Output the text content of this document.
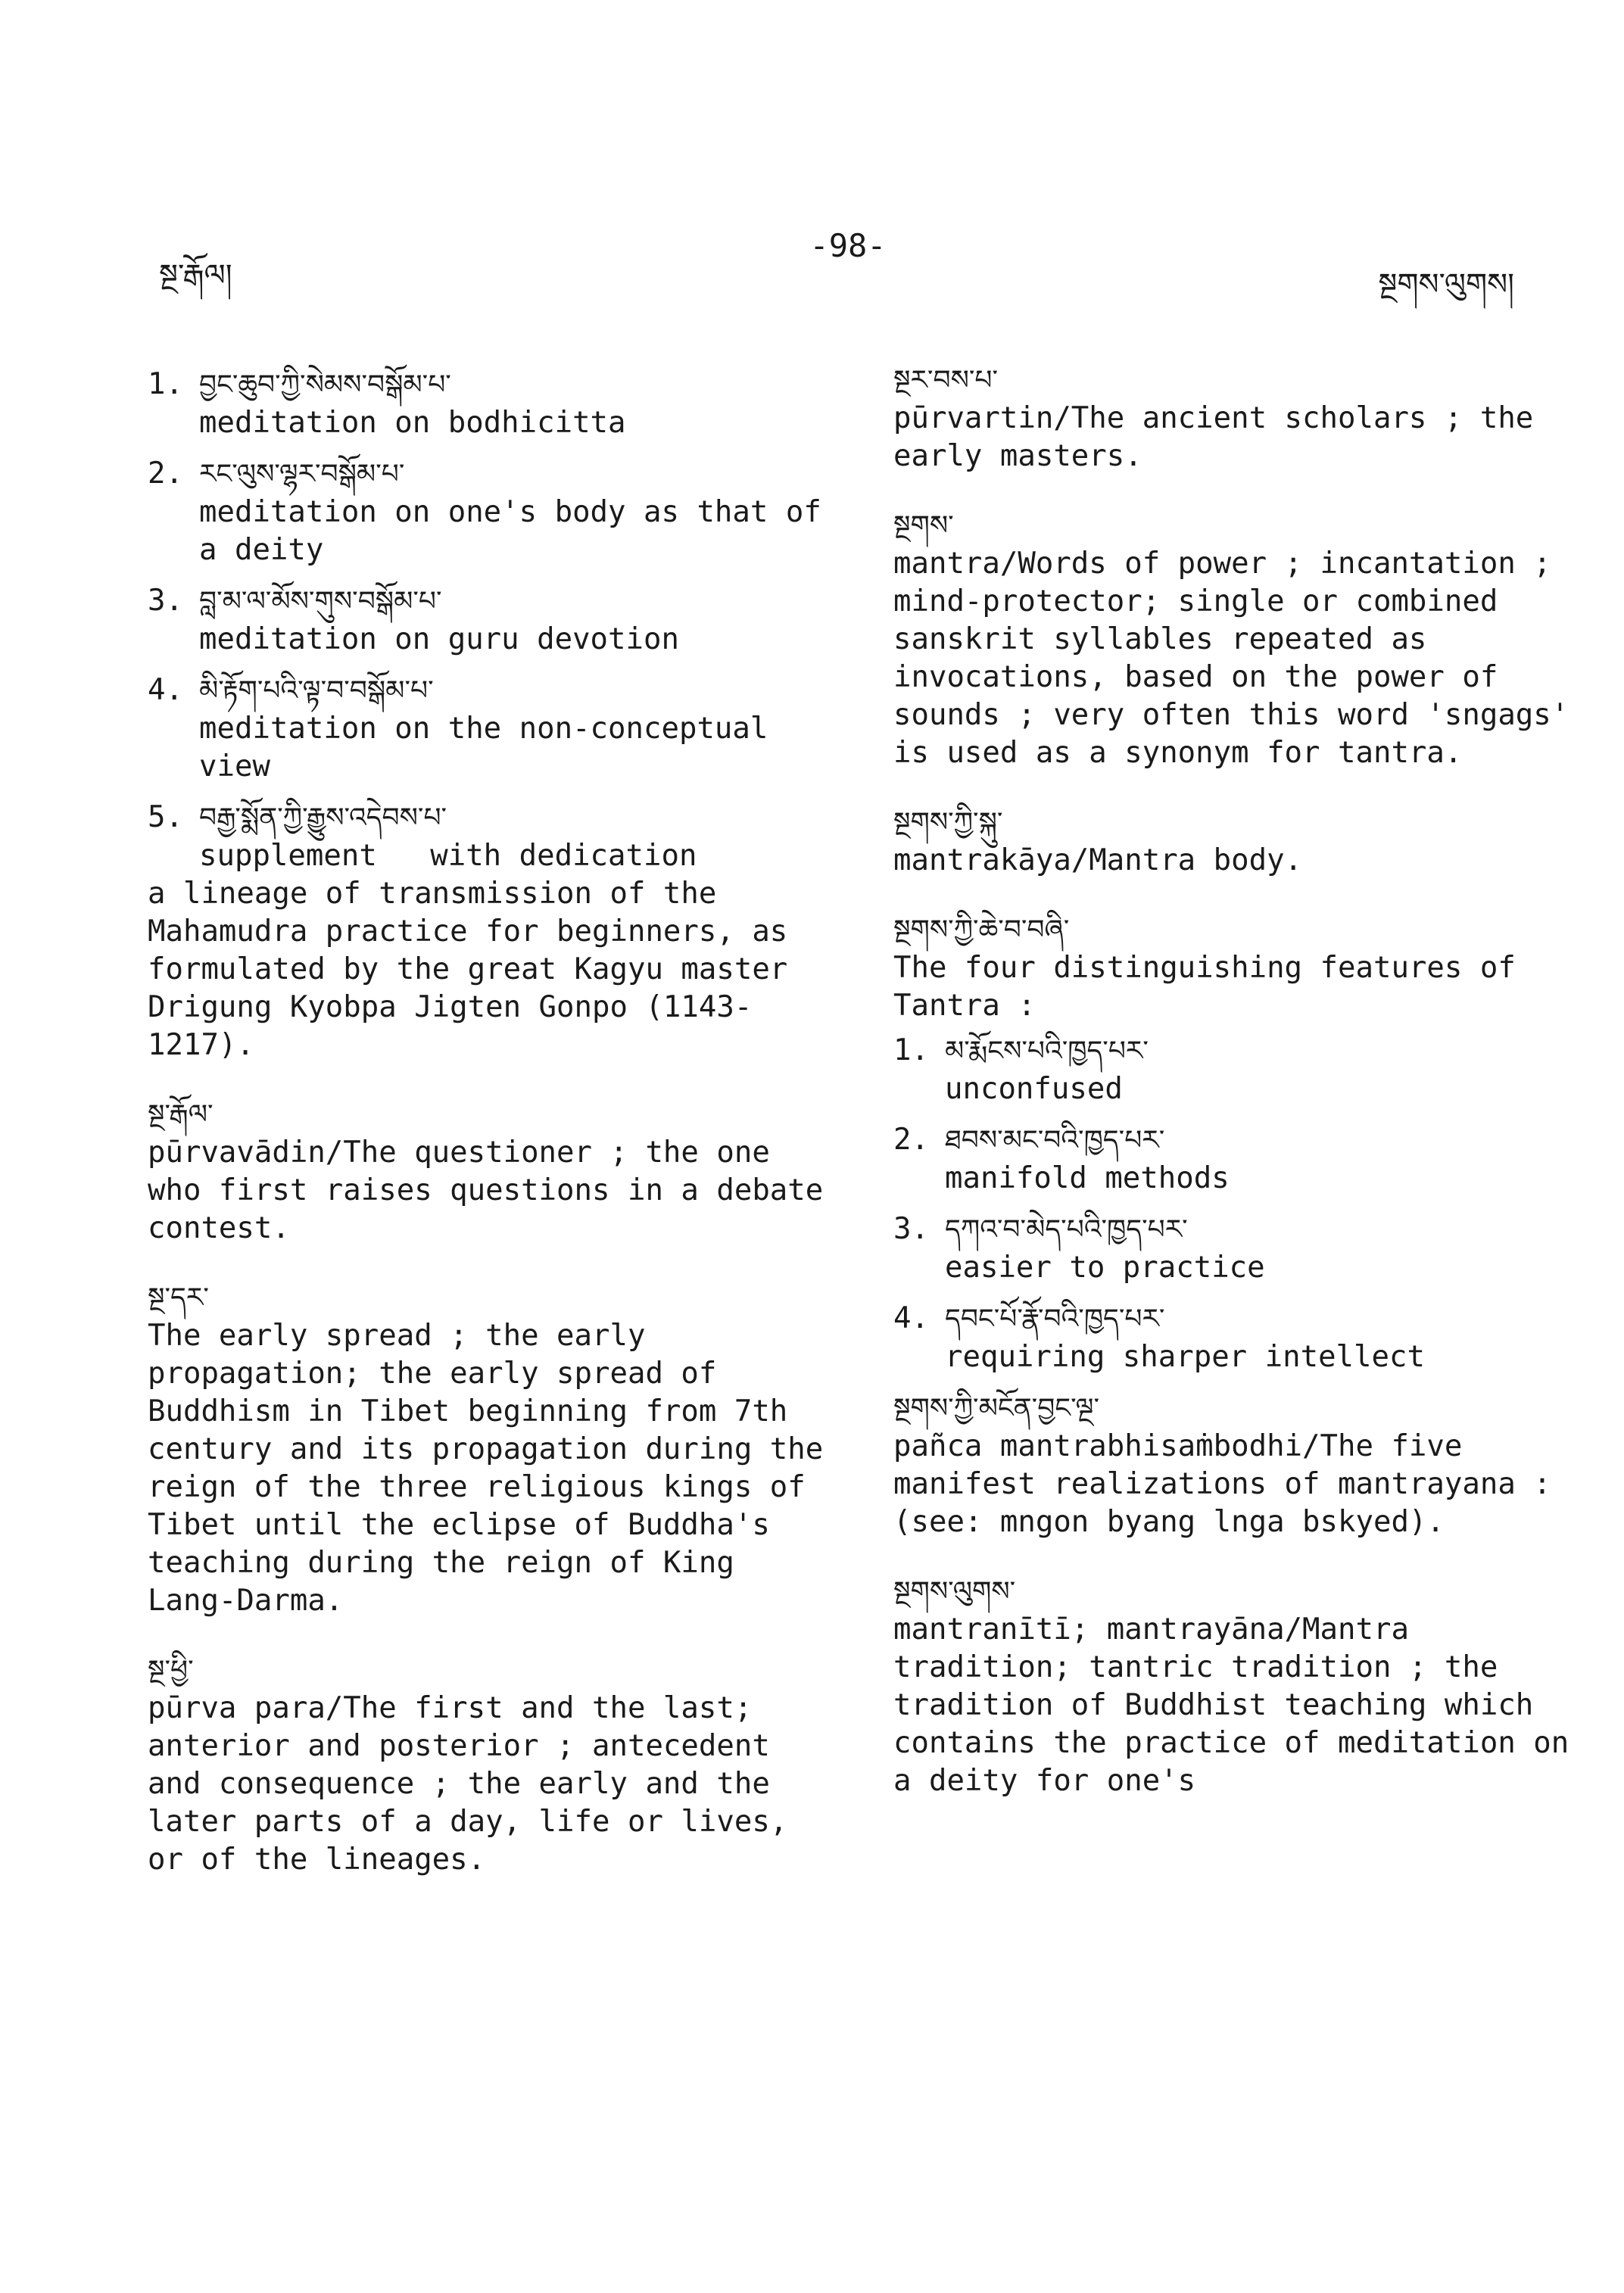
སྔ་རྒོལ།
-98-
སྔགས་ལུགས།
1. བྱང་ཆུབ་ཀྱི་སེམས་བསྒོམ་པ་
meditation on bodhicitta
2. རང་ལུས་ལྷར་བསྒོམ་པ་
meditation on one's body as that of a deity
3. བླ་མ་ལ་མོས་གུས་བསྒོམ་པ་
meditation on guru devotion
4. མི་རྟོག་པའི་ལྟ་བ་བསྒོམ་པ་
meditation on the non-conceptual view
5. བརྒྱ་སྨོན་ཀྱི་རྒྱུས་འདེབས་པ་
supplement   with dedication
a lineage of transmission of the Mahamudra practice for beginners, as formulated by the great Kagyu master Drigung Kyobpa Jigten Gonpo (1143-1217).
སྔ་རྒོལ་

pūrvavādin/The questioner ; the one who first raises questions in a debate contest.

སྔ་དར་

The early spread ; the early propagation; the early spread of Buddhism in Tibet beginning from 7th century and its propagation during the reign of the three religious kings of Tibet until the eclipse of Buddha's teaching during the reign of King Lang-Darma.

སྔ་ཕྱི་

pūrva para/The first and the last; anterior and posterior ; antecedent and consequence ; the early and the later parts of a day, life or lives, or of the lineages.

སྔར་བས་པ་

pūrvartin/The ancient scholars ; the early masters.

སྔགས་

mantra/Words of power ; incantation ; mind-protector; single or combined sanskrit syllables repeated as invocations, based on the power of sounds ; very often this word 'sngags' is used as a synonym for tantra.

སྔགས་ཀྱི་སྐུ་

mantrakāya/Mantra body.

སྔགས་ཀྱི་ཆེ་བ་བཞི་

The four distinguishing features of Tantra :

1. མ་རྨོངས་པའི་ཁྱད་པར་
unconfused
2. ཐབས་མང་བའི་ཁྱད་པར་
manifold methods
3. དཀའ་བ་མེད་པའི་ཁྱད་པར་
easier to practice
4. དབང་པོ་རྣོ་བའི་ཁྱད་པར་
requiring sharper intellect
སྔགས་ཀྱི་མངོན་བྱང་ལྔ་

pañca mantrabhisaṁbodhi/The five manifest realizations of mantrayana : (see: mngon byang lnga bskyed).

སྔགས་ལུགས་

mantranītī; mantrayāna/Mantra tradition; tantric tradition ; the tradition of Buddhist teaching which contains the practice of meditation on a deity for one's
